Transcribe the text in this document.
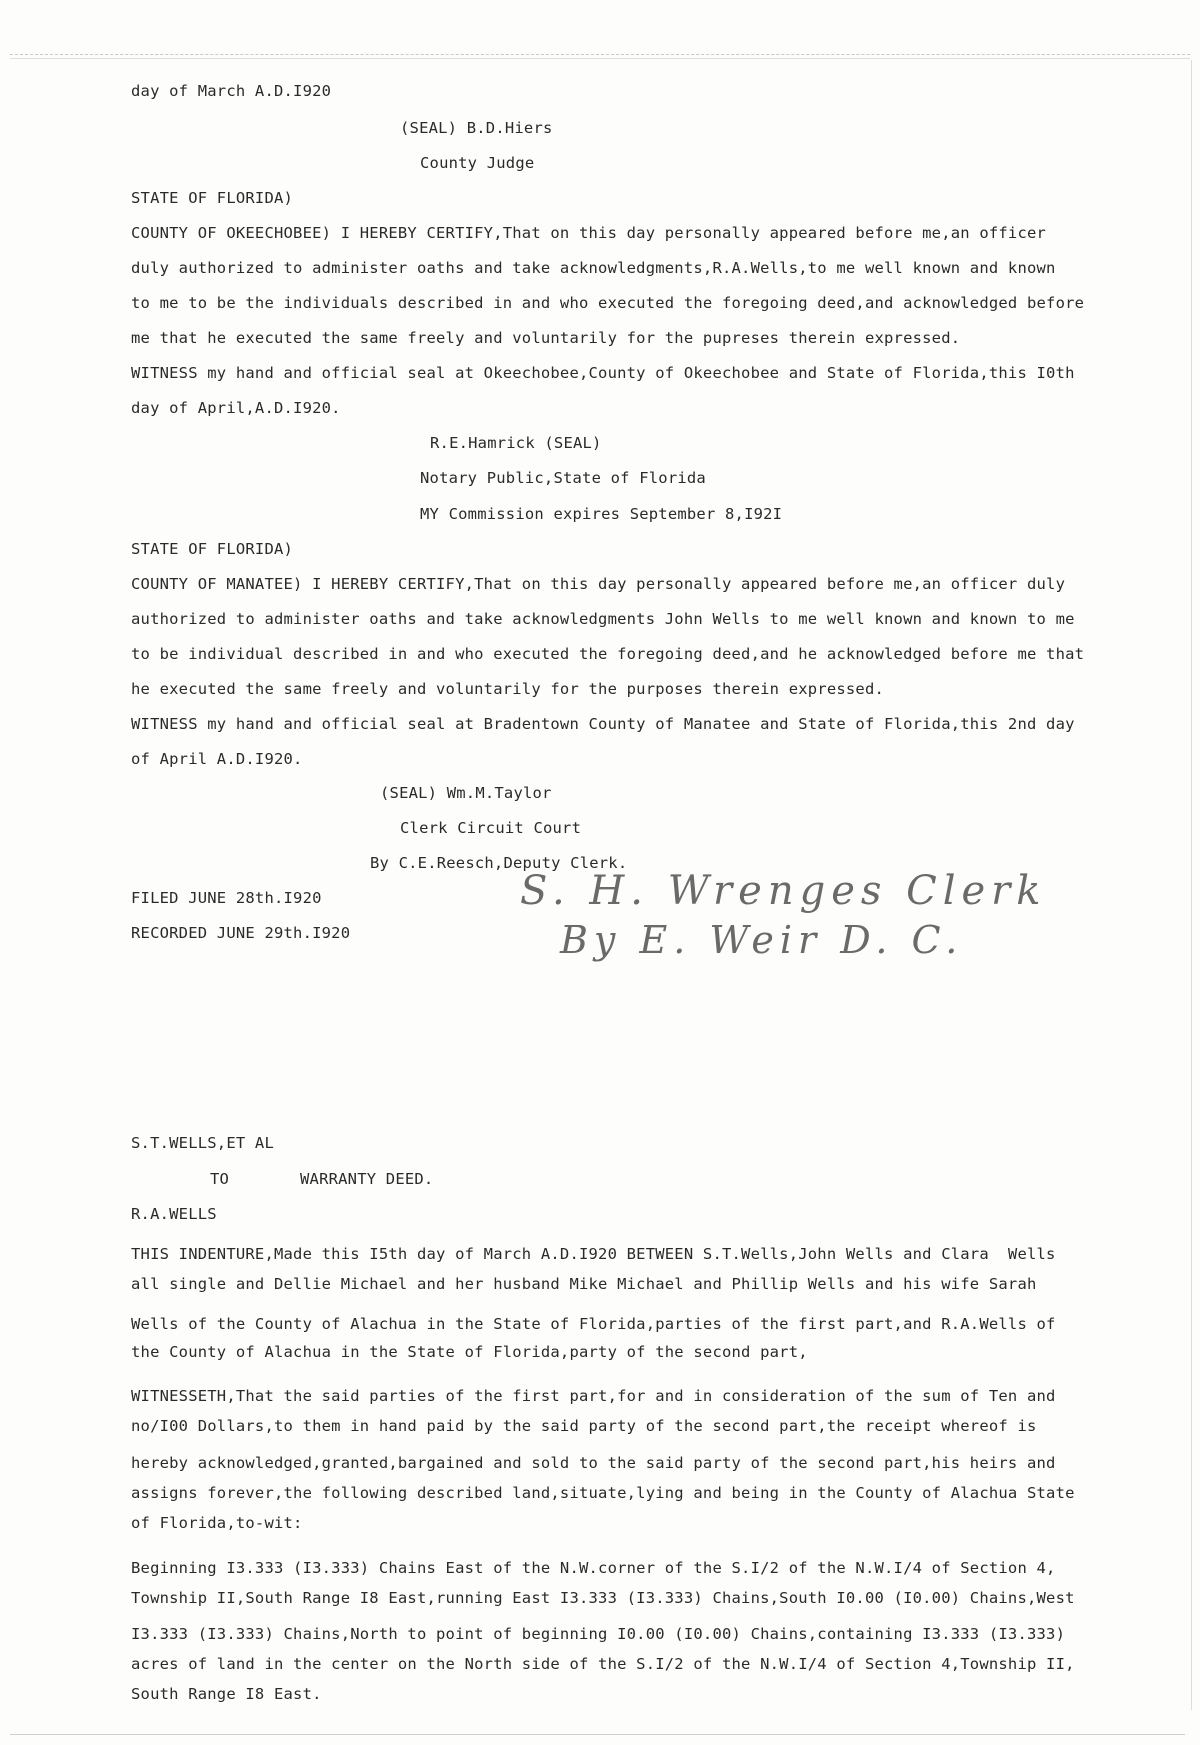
day of March A.D.I920
(SEAL) B.D.Hiers
County Judge
STATE OF FLORIDA)
COUNTY OF OKEECHOBEE) I HEREBY CERTIFY,That on this day personally appeared before me,an officer
duly authorized to administer oaths and take acknowledgments,R.A.Wells,to me well known and known
to me to be the individuals described in and who executed the foregoing deed,and acknowledged before
me that he executed the same freely and voluntarily for the pupreses therein expressed.
WITNESS my hand and official seal at Okeechobee,County of Okeechobee and State of Florida,this I0th
day of April,A.D.I920.
R.E.Hamrick (SEAL)
Notary Public,State of Florida
MY Commission expires September 8,I92I
STATE OF FLORIDA)
COUNTY OF MANATEE) I HEREBY CERTIFY,That on this day personally appeared before me,an officer duly
authorized to administer oaths and take acknowledgments John Wells to me well known and known to me
to be individual described in and who executed the foregoing deed,and he acknowledged before me that
he executed the same freely and voluntarily for the purposes therein expressed.
WITNESS my hand and official seal at Bradentown County of Manatee and State of Florida,this 2nd day
of April A.D.I920.
(SEAL) Wm.M.Taylor
Clerk Circuit Court
By C.E.Reesch,Deputy Clerk.
FILED JUNE 28th.I920
RECORDED JUNE 29th.I920
S. H. Wrenges Clerk
By E. Weir D. C.
S.T.WELLS,ET AL
TO	WARRANTY DEED.
R.A.WELLS
THIS INDENTURE,Made this I5th day of March A.D.I920 BETWEEN S.T.Wells,John Wells and Clara  Wells
all single and Dellie Michael and her husband Mike Michael and Phillip Wells and his wife Sarah
Wells of the County of Alachua in the State of Florida,parties of the first part,and R.A.Wells of
the County of Alachua in the State of Florida,party of the second part,
WITNESSETH,That the said parties of the first part,for and in consideration of the sum of Ten and
no/I00 Dollars,to them in hand paid by the said party of the second part,the receipt whereof is
hereby acknowledged,granted,bargained and sold to the said party of the second part,his heirs and
assigns forever,the following described land,situate,lying and being in the County of Alachua State
of Florida,to-wit:
Beginning I3.333 (I3.333) Chains East of the N.W.corner of the S.I/2 of the N.W.I/4 of Section 4,
Township II,South Range I8 East,running East I3.333 (I3.333) Chains,South I0.00 (I0.00) Chains,West
I3.333 (I3.333) Chains,North to point of beginning I0.00 (I0.00) Chains,containing I3.333 (I3.333)
acres of land in the center on the North side of the S.I/2 of the N.W.I/4 of Section 4,Township II,
South Range I8 East.
